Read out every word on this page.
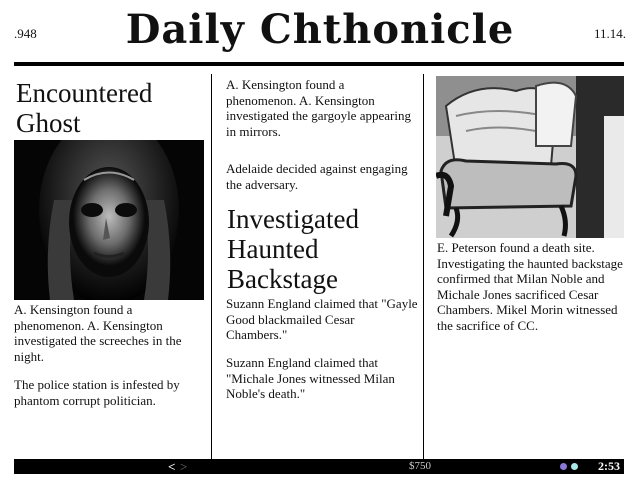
.948	Daily Chthonicle	11.14.
Encountered
Ghost
A. Kensington found a phenomenon. A. Kensington investigated the screeches in the night.
The police station is infested by phantom corrupt politician.
A. Kensington found a phenomenon. A. Kensington investigated the gargoyle appearing in mirrors.
Adelaide decided against engaging the adversary.
Investigated
Haunted
Backstage
Suzann England claimed that "Gayle Good blackmailed Cesar Chambers."
Suzann England claimed that "Michale Jones witnessed Milan Noble's death."
E. Peterson found a death site. Investigating the haunted backstage confirmed that Milan Noble and Michale Jones sacrificed Cesar Chambers. Mikel Morin witnessed the sacrifice of CC.
< >	$750	2:53
